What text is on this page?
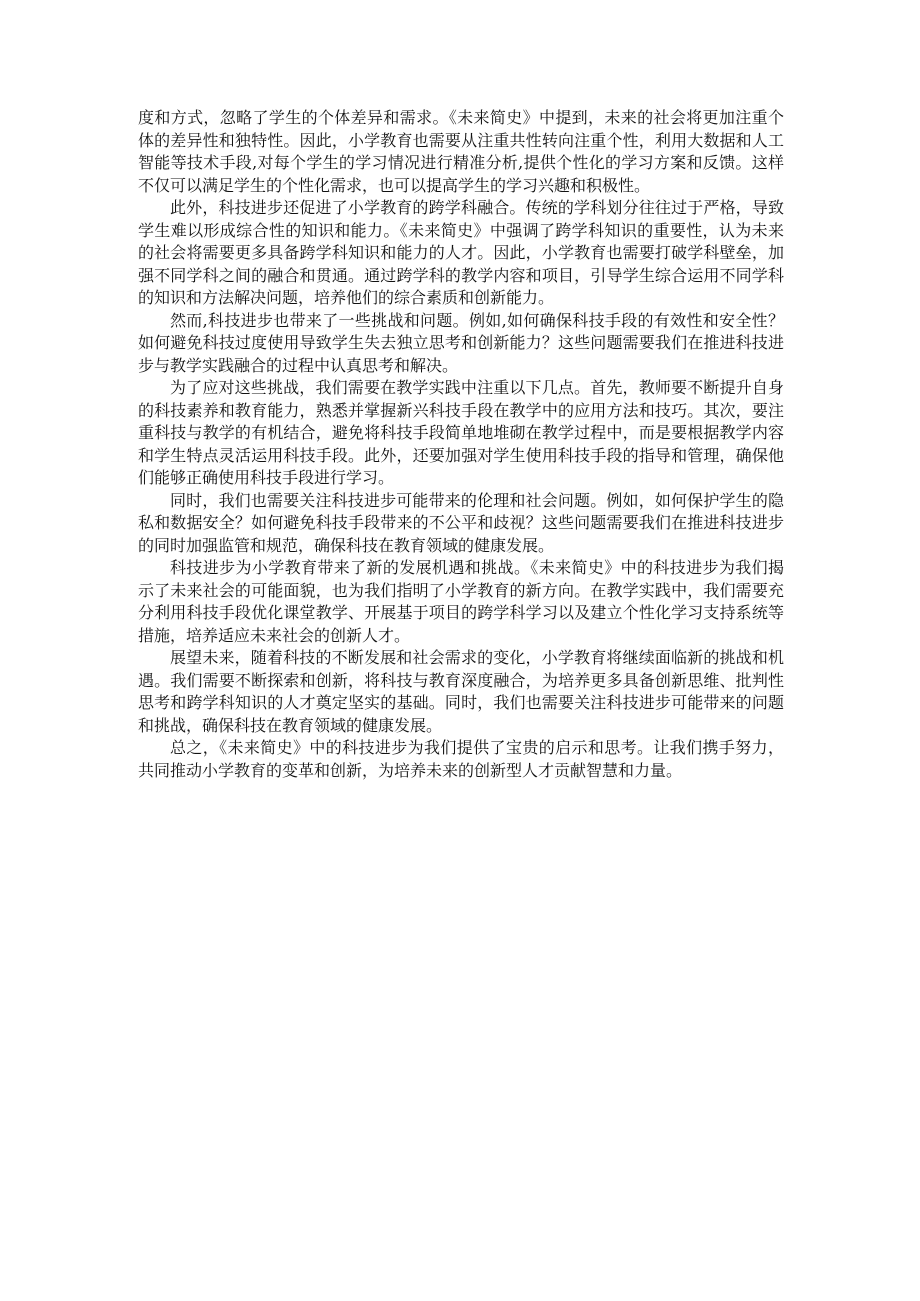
度和方式，忽略了学生的个体差异和需求。《未来简史》中提到，未来的社会将更加注重个体的差异性和独特性。因此，小学教育也需要从注重共性转向注重个性，利用大数据和人工智能等技术手段,对每个学生的学习情况进行精准分析,提供个性化的学习方案和反馈。这样不仅可以满足学生的个性化需求，也可以提高学生的学习兴趣和积极性。

此外，科技进步还促进了小学教育的跨学科融合。传统的学科划分往往过于严格，导致学生难以形成综合性的知识和能力。《未来简史》中强调了跨学科知识的重要性，认为未来的社会将需要更多具备跨学科知识和能力的人才。因此，小学教育也需要打破学科壁垒，加强不同学科之间的融合和贯通。通过跨学科的教学内容和项目，引导学生综合运用不同学科的知识和方法解决问题，培养他们的综合素质和创新能力。

然而,科技进步也带来了一些挑战和问题。例如,如何确保科技手段的有效性和安全性？如何避免科技过度使用导致学生失去独立思考和创新能力？这些问题需要我们在推进科技进步与教学实践融合的过程中认真思考和解决。

为了应对这些挑战，我们需要在教学实践中注重以下几点。首先，教师要不断提升自身的科技素养和教育能力，熟悉并掌握新兴科技手段在教学中的应用方法和技巧。其次，要注重科技与教学的有机结合，避免将科技手段简单地堆砌在教学过程中，而是要根据教学内容和学生特点灵活运用科技手段。此外，还要加强对学生使用科技手段的指导和管理，确保他们能够正确使用科技手段进行学习。

同时，我们也需要关注科技进步可能带来的伦理和社会问题。例如，如何保护学生的隐私和数据安全？如何避免科技手段带来的不公平和歧视？这些问题需要我们在推进科技进步的同时加强监管和规范，确保科技在教育领域的健康发展。

科技进步为小学教育带来了新的发展机遇和挑战。《未来简史》中的科技进步为我们揭示了未来社会的可能面貌，也为我们指明了小学教育的新方向。在教学实践中，我们需要充分利用科技手段优化课堂教学、开展基于项目的跨学科学习以及建立个性化学习支持系统等措施，培养适应未来社会的创新人才。

展望未来，随着科技的不断发展和社会需求的变化，小学教育将继续面临新的挑战和机遇。我们需要不断探索和创新，将科技与教育深度融合，为培养更多具备创新思维、批判性思考和跨学科知识的人才奠定坚实的基础。同时，我们也需要关注科技进步可能带来的问题和挑战，确保科技在教育领域的健康发展。

总之，《未来简史》中的科技进步为我们提供了宝贵的启示和思考。让我们携手努力，共同推动小学教育的变革和创新，为培养未来的创新型人才贡献智慧和力量。
